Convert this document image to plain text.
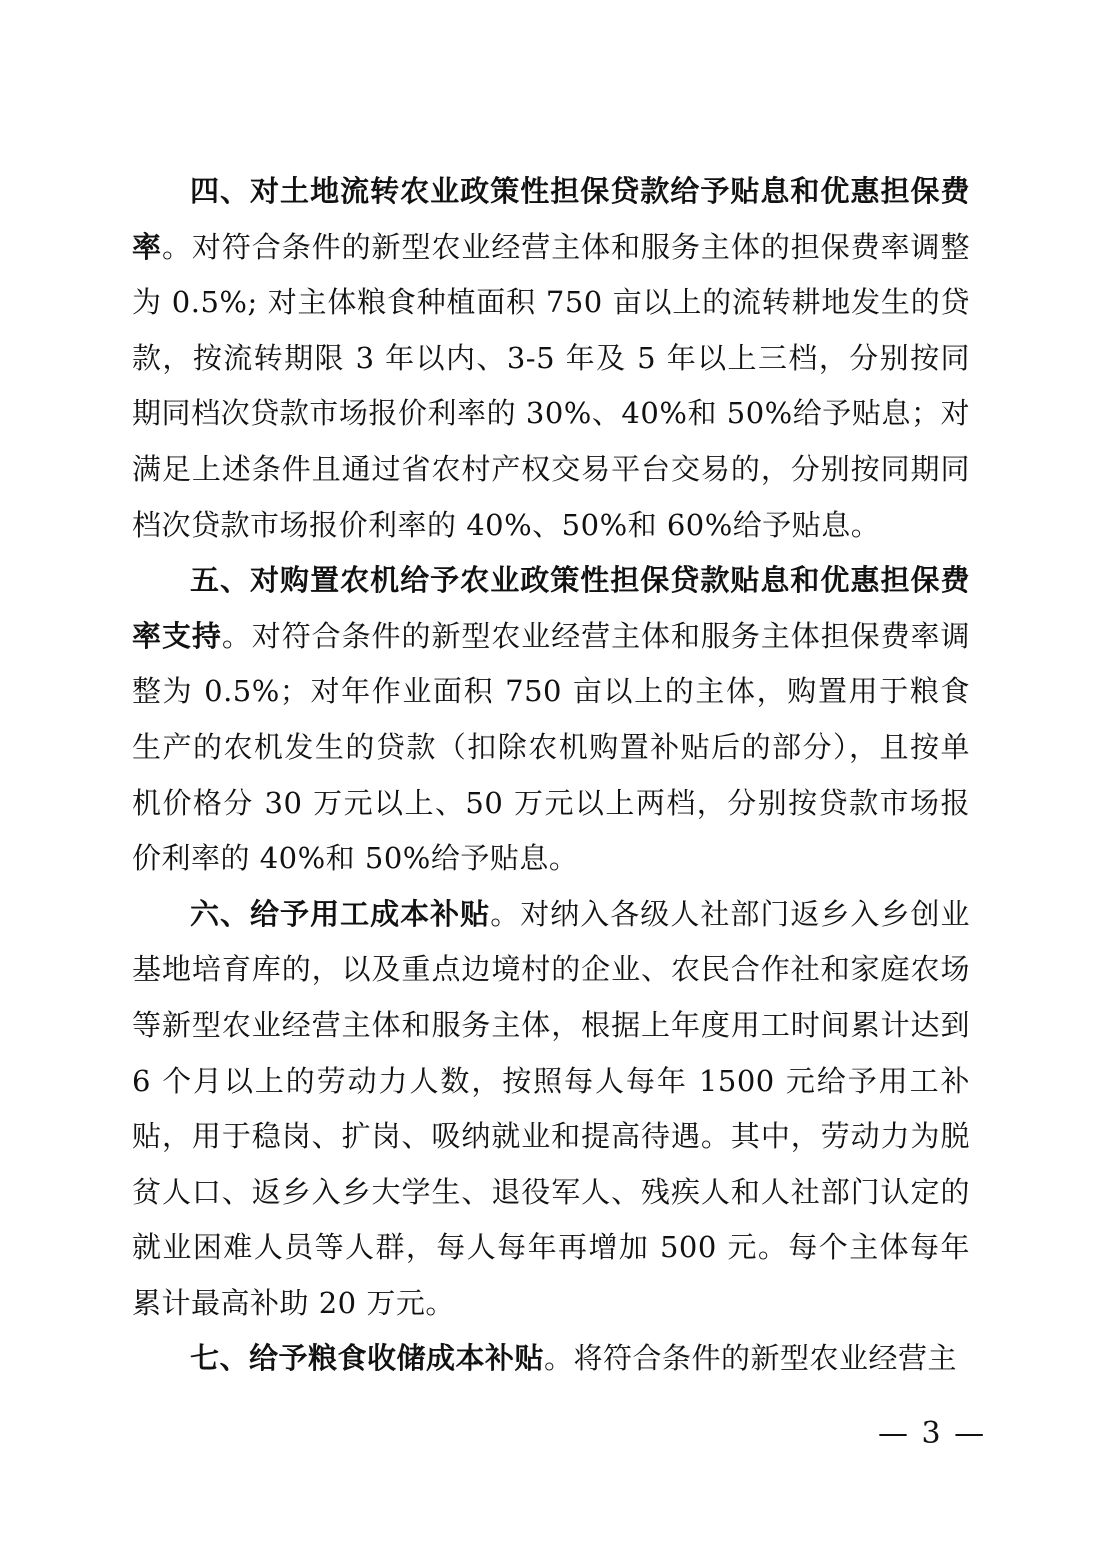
四、对土地流转农业政策性担保贷款给予贴息和优惠担保费率。对符合条件的新型农业经营主体和服务主体的担保费率调整为 0.5%; 对主体粮食种植面积 750 亩以上的流转耕地发生的贷款，按流转期限 3 年以内、3-5 年及 5 年以上三档，分别按同期同档次贷款市场报价利率的 30%、40%和 50%给予贴息；对满足上述条件且通过省农村产权交易平台交易的，分别按同期同档次贷款市场报价利率的 40%、50%和 60%给予贴息。

五、对购置农机给予农业政策性担保贷款贴息和优惠担保费率支持。对符合条件的新型农业经营主体和服务主体担保费率调整为 0.5%；对年作业面积 750 亩以上的主体，购置用于粮食生产的农机发生的贷款（扣除农机购置补贴后的部分），且按单机价格分 30 万元以上、50 万元以上两档，分别按贷款市场报价利率的 40%和 50%给予贴息。

六、给予用工成本补贴。对纳入各级人社部门返乡入乡创业基地培育库的，以及重点边境村的企业、农民合作社和家庭农场等新型农业经营主体和服务主体，根据上年度用工时间累计达到 6 个月以上的劳动力人数，按照每人每年 1500 元给予用工补贴，用于稳岗、扩岗、吸纳就业和提高待遇。其中，劳动力为脱贫人口、返乡入乡大学生、退役军人、残疾人和人社部门认定的就业困难人员等人群，每人每年再增加 500 元。每个主体每年累计最高补助 20 万元。

七、给予粮食收储成本补贴。将符合条件的新型农业经营主

— 3 —
